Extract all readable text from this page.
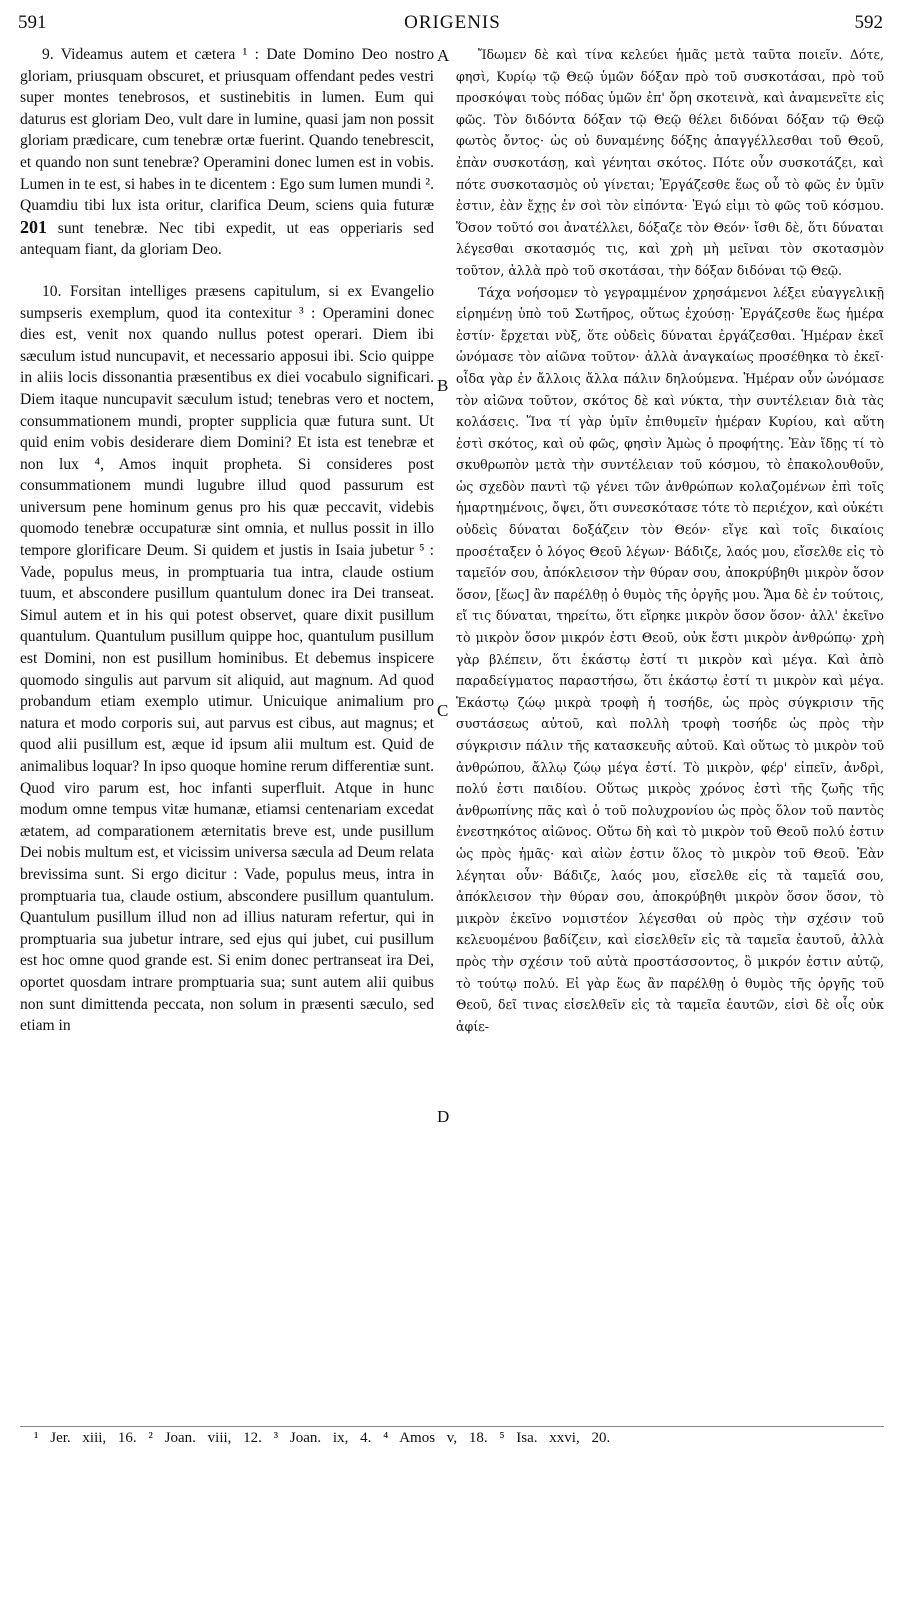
591	ORIGENIS	592

9. Videamus autem et cætera ¹ : Date Domino Deo nostro gloriam, priusquam obscuret, et priusquam offendant pedes vestri super montes tenebrosos, et sustinebitis in lumen. Eum qui daturus est gloriam Deo, vult dare in lumine, quasi jam non possit gloriam prædicare, cum tenebræ ortæ fuerint. Quando tenebrescit, et quando non sunt tenebræ? Operamini donec lumen est in vobis. Lumen in te est, si habes in te dicentem : Ego sum lumen mundi ². Quamdiu tibi lux ista oritur, clarifica Deum, sciens quia futuræ 201 sunt tenebræ. Nec tibi expedit, ut eas opperiaris sed antequam fiant, da gloriam Deo.

10. Forsitan intelliges præsens capitulum, si ex Evangelio sumpseris exemplum, quod ita contexitur ³ : Operamini donec dies est, venit nox quando nullus potest operari. Diem ibi sæculum istud nuncupavit, et necessario apposui ibi. Scio quippe in aliis locis dissonantia præsentibus ex diei vocabulo significari. Diem itaque nuncupavit sæculum istud; tenebras vero et noctem, consummationem mundi, propter supplicia quæ futura sunt. Ut quid enim vobis desiderare diem Domini? Et ista est tenebræ et non lux ⁴, Amos inquit propheta. Si consideres post consummationem mundi lugubre illud quod passurum est universum pene hominum genus pro his quæ peccavit, videbis quomodo tenebræ occupaturæ sint omnia, et nullus possit in illo tempore glorificare Deum. Si quidem et justis in Isaia jubetur ⁵ : Vade, populus meus, in promptuaria tua intra, claude ostium tuum, et abscondere pusillum quantulum donec ira Dei transeat. Simul autem et in his qui potest observet, quare dixit pusillum quantulum. Quantulum pusillum quippe hoc, quantulum pusillum est Domini, non est pusillum hominibus. Et debemus inspicere quomodo singulis aut parvum sit aliquid, aut magnum. Ad quod probandum etiam exemplo utimur. Unicuique animalium pro natura et modo corporis sui, aut parvus est cibus, aut magnus; et quod alii pusillum est, æque id ipsum alii multum est. Quid de animalibus loquar? In ipso quoque homine rerum differentiæ sunt. Quod viro parum est, hoc infanti superfluit. Atque in hunc modum omne tempus vitæ humanæ, etiamsi centenariam excedat ætatem, ad comparationem æternitatis breve est, unde pusillum Dei nobis multum est, et vicissim universa sæcula ad Deum relata brevissima sunt. Si ergo dicitur : Vade, populus meus, intra in promptuaria tua, claude ostium, abscondere pusillum quantulum. Quantulum pusillum illud non ad illius naturam refertur, qui in promptuaria sua jubetur intrare, sed ejus qui jubet, cui pusillum est hoc omne quod grande est. Si enim donec pertranseat ira Dei, oportet quosdam intrare promptuaria sua; sunt autem alii quibus non sunt dimittenda peccata, non solum in præsenti sæculo, sed etiam in

Ἴδωμεν δὲ καὶ τίνα κελεύει ἡμᾶς μετὰ ταῦτα ποιεῖν. Δότε, φησὶ, Κυρίῳ τῷ Θεῷ ὑμῶν δόξαν πρὸ τοῦ συσκοτάσαι, πρὸ τοῦ προσκόψαι τοὺς πόδας ὑμῶν ἐπ' ὄρη σκοτεινὰ, καὶ ἀναμενεῖτε εἰς φῶς. Τὸν διδόντα δόξαν τῷ Θεῷ θέλει διδόναι δόξαν τῷ Θεῷ φωτὸς ὄντος· ὡς οὐ δυναμένης δόξης ἀπαγγέλλεσθαι τοῦ Θεοῦ, ἐπὰν συσκοτάσῃ, καὶ γένηται σκότος. Πότε οὖν συσκοτάζει, καὶ πότε συσκοτασμὸς οὐ γίνεται; Ἐργάζεσθε ἕως οὗ τὸ φῶς ἐν ὑμῖν ἐστιν, ἐὰν ἔχῃς ἐν σοὶ τὸν εἰπόντα· Ἐγώ εἰμι τὸ φῶς τοῦ κόσμου. Ὅσον τοῦτό σοι ἀνατέλλει, δόξαζε τὸν Θεόν· ἴσθι δὲ, ὅτι δύναται λέγεσθαι σκοτασμός τις, καὶ χρὴ μὴ μεῖναι τὸν σκοτασμὸν τοῦτον, ἀλλὰ πρὸ τοῦ σκοτάσαι, τὴν δόξαν διδόναι τῷ Θεῷ.

Τάχα νοήσομεν τὸ γεγραμμένον χρησάμενοι λέξει εὐαγγελικῇ εἰρημένῃ ὑπὸ τοῦ Σωτῆρος, οὕτως ἐχούσῃ· Ἐργάζεσθε ἕως ἡμέρα ἐστίν· ἔρχεται νὺξ, ὅτε οὐδεὶς δύναται ἐργάζεσθαι. Ἡμέραν ἐκεῖ ὠνόμασε τὸν αἰῶνα τοῦτον· ἀλλὰ ἀναγκαίως προσέθηκα τὸ ἐκεῖ· οἶδα γὰρ ἐν ἄλλοις ἄλλα πάλιν δηλούμενα. Ἡμέραν οὖν ὠνόμασε τὸν αἰῶνα τοῦτον, σκότος δὲ καὶ νύκτα, τὴν συντέλειαν διὰ τὰς κολάσεις. Ἵνα τί γὰρ ὑμῖν ἐπιθυμεῖν ἡμέραν Κυρίου, καὶ αὕτη ἐστὶ σκότος, καὶ οὐ φῶς, φησὶν Ἀμὼς ὁ προφήτης. Ἐὰν ἴδῃς τί τὸ σκυθρωπὸν μετὰ τὴν συντέλειαν τοῦ κόσμου, τὸ ἐπακολουθοῦν, ὡς σχεδὸν παντὶ τῷ γένει τῶν ἀνθρώπων κολαζομένων ἐπὶ τοῖς ἡμαρτημένοις, ὄψει, ὅτι συνεσκότασε τότε τὸ περιέχον, καὶ οὐκέτι οὐδεὶς δύναται δοξάζειν τὸν Θεόν· εἴγε καὶ τοῖς δικαίοις προσέταξεν ὁ λόγος Θεοῦ λέγων· Βάδιζε, λαός μου, εἴσελθε εἰς τὸ ταμεῖόν σου, ἀπόκλεισον τὴν θύραν σου, ἀποκρύβηθι μικρὸν ὅσον ὅσον, [ἕως] ἂν παρέλθῃ ὁ θυμὸς τῆς ὀργῆς μου. Ἅμα δὲ ἐν τούτοις, εἴ τις δύναται, τηρείτω, ὅτι εἴρηκε μικρὸν ὅσον ὅσον· ἀλλ' ἐκεῖνο τὸ μικρὸν ὅσον μικρόν ἐστι Θεοῦ, οὐκ ἔστι μικρὸν ἀνθρώπῳ· χρὴ γὰρ βλέπειν, ὅτι ἑκάστῳ ἐστί τι μικρὸν καὶ μέγα. Καὶ ἀπὸ παραδείγματος παραστήσω, ὅτι ἑκάστῳ ἐστί τι μικρὸν καὶ μέγα. Ἑκάστῳ ζώῳ μικρὰ τροφὴ ἡ τοσήδε, ὡς πρὸς σύγκρισιν τῆς συστάσεως αὐτοῦ, καὶ πολλὴ τροφὴ τοσήδε ὡς πρὸς τὴν σύγκρισιν πάλιν τῆς κατασκευῆς αὐτοῦ. Καὶ οὕτως τὸ μικρὸν τοῦ ἀνθρώπου, ἄλλῳ ζώῳ μέγα ἐστί. Τὸ μικρὸν, φέρ' εἰπεῖν, ἀνδρὶ, πολύ ἐστι παιδίου. Οὕτως μικρὸς χρόνος ἐστὶ τῆς ζωῆς τῆς ἀνθρωπίνης πᾶς καὶ ὁ τοῦ πολυχρονίου ὡς πρὸς ὅλον τοῦ παντὸς ἐνεστηκότος αἰῶνος. Οὕτω δὴ καὶ τὸ μικρὸν τοῦ Θεοῦ πολύ ἐστιν ὡς πρὸς ἡμᾶς· καὶ αἰὼν ἐστιν ὅλος τὸ μικρὸν τοῦ Θεοῦ. Ἐὰν λέγηται οὖν· Βάδιζε, λαός μου, εἴσελθε εἰς τὰ ταμεῖά σου, ἀπόκλεισον τὴν θύραν σου, ἀποκρύβηθι μικρὸν ὅσον ὅσον, τὸ μικρὸν ἐκεῖνο νομιστέον λέγεσθαι οὐ πρὸς τὴν σχέσιν τοῦ κελευομένου βαδίζειν, καὶ εἰσελθεῖν εἰς τὰ ταμεῖα ἑαυτοῦ, ἀλλὰ πρὸς τὴν σχέσιν τοῦ αὐτὰ προστάσσοντος, ὃ μικρόν ἐστιν αὐτῷ, τὸ τούτῳ πολύ. Εἰ γὰρ ἕως ἂν παρέλθῃ ὁ θυμὸς τῆς ὀργῆς τοῦ Θεοῦ, δεῖ τινας εἰσελθεῖν εἰς τὰ ταμεῖα ἑαυτῶν, εἰσὶ δὲ οἷς οὐκ ἀφίε-

A
B
C
D
¹ Jer. xiii, 16. ² Joan. viii, 12. ³ Joan. ix, 4. ⁴ Amos v, 18. ⁵ Isa. xxvi, 20.
